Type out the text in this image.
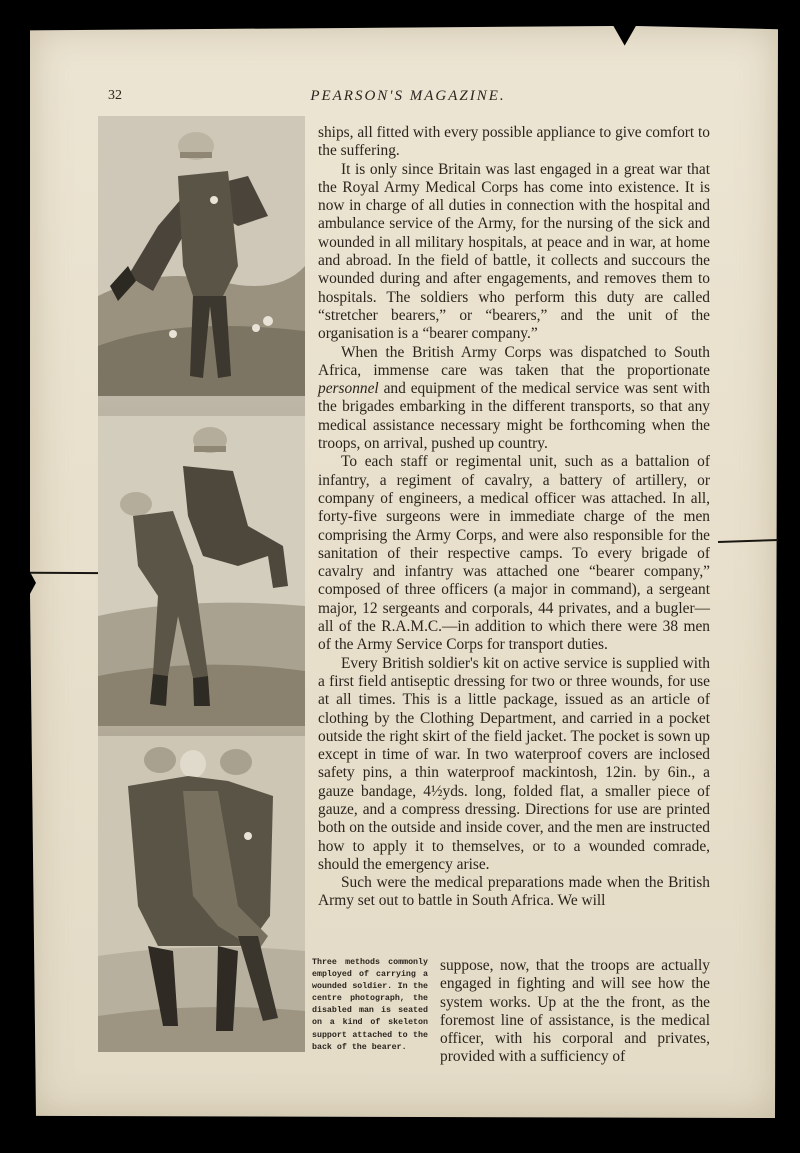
32	PEARSON'S MAGAZINE.

ships, all fitted with every possible appliance to give comfort to the suffering.

It is only since Britain was last engaged in a great war that the Royal Army Medical Corps has come into existence. It is now in charge of all duties in connection with the hospital and ambulance service of the Army, for the nursing of the sick and wounded in all military hospitals, at peace and in war, at home and abroad. In the field of battle, it collects and succours the wounded during and after engagements, and removes them to hospitals. The soldiers who perform this duty are called “stretcher bearers,” or “bearers,” and the unit of the organisation is a “bearer company.”

When the British Army Corps was dispatched to South Africa, immense care was taken that the proportionate personnel and equipment of the medical service was sent with the brigades embarking in the different transports, so that any medical assistance necessary might be forthcoming when the troops, on arrival, pushed up country.

To each staff or regimental unit, such as a battalion of infantry, a regiment of cavalry, a battery of artillery, or company of engineers, a medical officer was attached. In all, forty-five surgeons were in immediate charge of the men comprising the Army Corps, and were also responsible for the sanitation of their respective camps. To every brigade of cavalry and infantry was attached one “bearer company,” composed of three officers (a major in command), a sergeant major, 12 sergeants and corporals, 44 privates, and a bugler—all of the R.A.M.C.—in addition to which there were 38 men of the Army Service Corps for transport duties.

Every British soldier's kit on active service is supplied with a first field antiseptic dressing for two or three wounds, for use at all times. This is a little package, issued as an article of clothing by the Clothing Department, and carried in a pocket outside the right skirt of the field jacket. The pocket is sown up except in time of war. In two waterproof covers are inclosed safety pins, a thin waterproof mackintosh, 12in. by 6in., a gauze bandage, 4½yds. long, folded flat, a smaller piece of gauze, and a compress dressing. Directions for use are printed both on the outside and inside cover, and the men are instructed how to apply it to themselves, or to a wounded comrade, should the emergency arise.

Such were the medical preparations made when the British Army set out to battle in South Africa. We will

Three methods commonly employed of carrying a wounded soldier. In the centre photograph, the disabled man is seated on a kind of skeleton support attached to the back of the bearer.
suppose, now, that the troops are actually engaged in fighting and will see how the system works. Up at the the front, as the foremost line of assistance, is the medical officer, with his corporal and privates, provided with a sufficiency of
